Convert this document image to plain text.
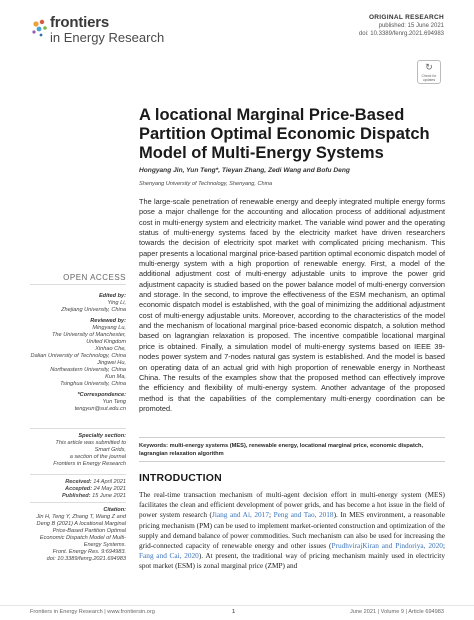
frontiers
in Energy Research
ORIGINAL RESEARCH
published: 15 June 2021
doi: 10.3389/fenrg.2021.694983
↻
Check for updates
A locational Marginal Price-Based Partition Optimal Economic Dispatch Model of Multi-Energy Systems
Hongyang Jin, Yun Teng*, Tieyan Zhang, Zedi Wang and Bofu Deng
Shenyang University of Technology, Shenyang, China
The large-scale penetration of renewable energy and deeply integrated multiple energy forms pose a major challenge for the accounting and allocation process of additional adjustment cost in multi-energy system and electricity market. The variable wind power and the operating status of multi-energy systems faced by the electricity market have driven researchers towards the decision of electricity spot market with complicated pricing mechanism. This paper presents a locational marginal price-based partition optimal economic dispatch model of multi-energy system with a high proportion of renewable energy. First, a model of the additional adjustment cost of multi-energy adjustable units to improve the power grid adjustment capacity is studied based on the power balance model of multi-energy conversion and storage. In the second, to improve the effectiveness of the ESM mechanism, an optimal economic dispatch model is established, with the goal of minimizing the additional adjustment cost of multi-energy adjustable units. Moreover, according to the characteristics of the model and the mechanism of locational marginal price-based economic dispatch, a solution method based on lagrangian relaxation is proposed. The incentive compatible locational marginal price is obtained. Finally, a simulation model of multi-energy systems based on IEEE 39-nodes power system and 7-nodes natural gas system is established. And the model is based on operating data of an actual grid with high proportion of renewable energy in Northeast China. The results of the examples show that the proposed method can effectively improve the efficiency and flexibility of multi-energy system. Another advantage of the proposed method is that the capabilities of the complementary multi-energy coordination can be promoted.
Keywords: multi-energy systems (MES), renewable energy, locational marginal price, economic dispatch, lagrangian relaxation algorithm
INTRODUCTION
The real-time transaction mechanism of multi-agent decision effort in multi-energy system (MES) facilitates the clean and efficient development of power grids, and has become a hot issue in the field of power system research (Jiang and Ai, 2017; Peng and Tao, 2018). In MES environment, a reasonable pricing mechanism (PM) can be used to implement market-oriented construction and optimization of the supply and demand balance of power commodities. Such mechanism can also be used for increasing the grid-connected capacity of renewable energy and other issues (PrudhvirajKiran and Pindoriya, 2020; Fang and Cai, 2020). At present, the traditional way of pricing mechanism mainly used in electricity spot market (ESM) is zonal marginal price (ZMP) and
OPEN ACCESS
Edited by:
Ying Li,
Zhejiang University, China
Reviewed by:
Mingyang Lu,
The University of Manchester,
United Kingdom
Xinhao Che,
Dalian University of Technology, China
Jingwei Hu,
Northeastern University, China
Kun Ma,
Tsinghua University, China
*Correspondence:
Yun Teng
tengyun@sut.edu.cn
Specialty section:
This article was submitted to
Smart Grids,
a section of the journal
Frontiers in Energy Research
Received: 14 April 2021
Accepted: 24 May 2021
Published: 15 June 2021
Citation:
Jin H, Teng Y, Zhang T, Wang Z and
Deng B (2021) A locational Marginal
Price-Based Partition Optimal
Economic Dispatch Model of Multi-
Energy Systems.
Front. Energy Res. 9:694983.
doi: 10.3389/fenrg.2021.694983
Frontiers in Energy Research | www.frontiersin.org	1	June 2021 | Volume 9 | Article 694983
